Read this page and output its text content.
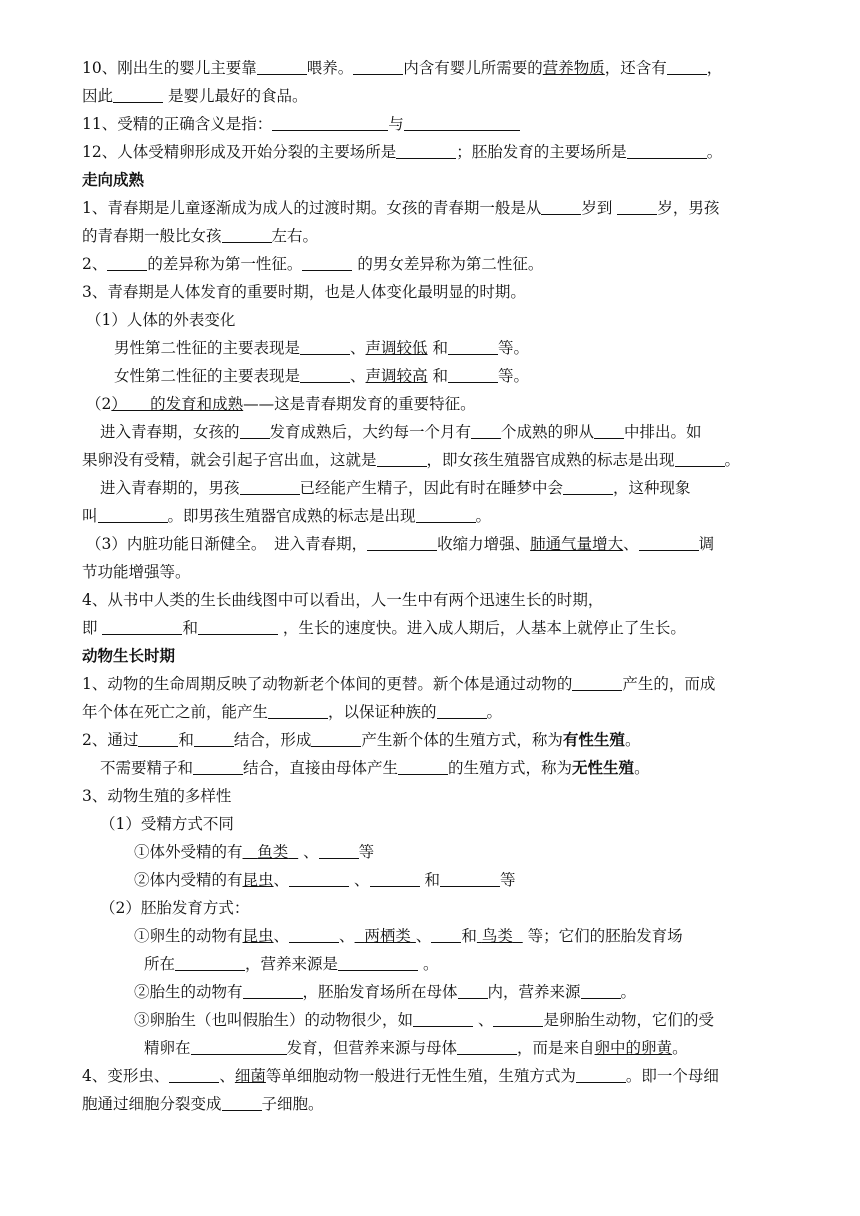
10、刚出生的婴儿主要靠	喂养。	内含有婴儿所需要的营养物质，还含有	，
因此	是婴儿最好的食品。
11、受精的正确含义是指：	与
12、人体受精卵形成及开始分裂的主要场所是	；胚胎发育的主要场所是	。
走向成熟
1、青春期是儿童逐渐成为成人的过渡时期。女孩的青春期一般是从	岁到	岁，男孩
的青春期一般比女孩	左右。
2、	的差异称为第一性征。	的男女差异称为第二性征。
3、青春期是人体发育的重要时期，也是人体变化最明显的时期。
（1）人体的外表变化
男性第二性征的主要表现是	、声调较低 和	等。
女性第二性征的主要表现是	、声调较高 和	等。
（2）　　的发育和成熟——这是青春期发育的重要特征。
进入青春期，女孩的 发育成熟后，大约每一个月有 个成熟的卵从 中排出。如
果卵没有受精，就会引起子宫出血，这就是	，即女孩生殖器官成熟的标志是出现	。
进入青春期的，男孩	已经能产生精子，因此有时在睡梦中会	，这种现象
叫	。即男孩生殖器官成熟的标志是出现	。
（3）内脏功能日渐健全。　进入青春期，	收缩力增强、肺通气量增大、	调
节功能增强等。
4、从书中人类的生长曲线图中可以看出，人一生中有两个迅速生长的时期，
即	和	，生长的速度快。进入成人期后，人基本上就停止了生长。
动物生长时期
1、动物的生命周期反映了动物新老个体间的更替。新个体是通过动物的	产生的，而成
年个体在死亡之前，能产生	，以保证种族的	。
2、通过	和	结合，形成	产生新个体的生殖方式，称为有性生殖。
不需要精子和	结合，直接由母体产生	的生殖方式，称为无性生殖。
3、动物生殖的多样性
（1）受精方式不同
①体外受精的有 鱼类 、	等
②体内受精的有昆虫、	、	和	等
（2）胚胎发育方式：
①卵生的动物有昆虫、	、 两栖类 、 和 鸟类 等；它们的胚胎发育场
所在	，营养来源是	。
②胎生的动物有	，胚胎发育场所在母体 内，营养来源	。
③卵胎生（也叫假胎生）的动物很少，如	、	是卵胎生动物，它们的受
精卵在	发育，但营养来源与母体	，而是来自卵中的卵黄。
4、变形虫、	、细菌等单细胞动物一般进行无性生殖，生殖方式为	。即一个母细
胞通过细胞分裂变成	子细胞。
